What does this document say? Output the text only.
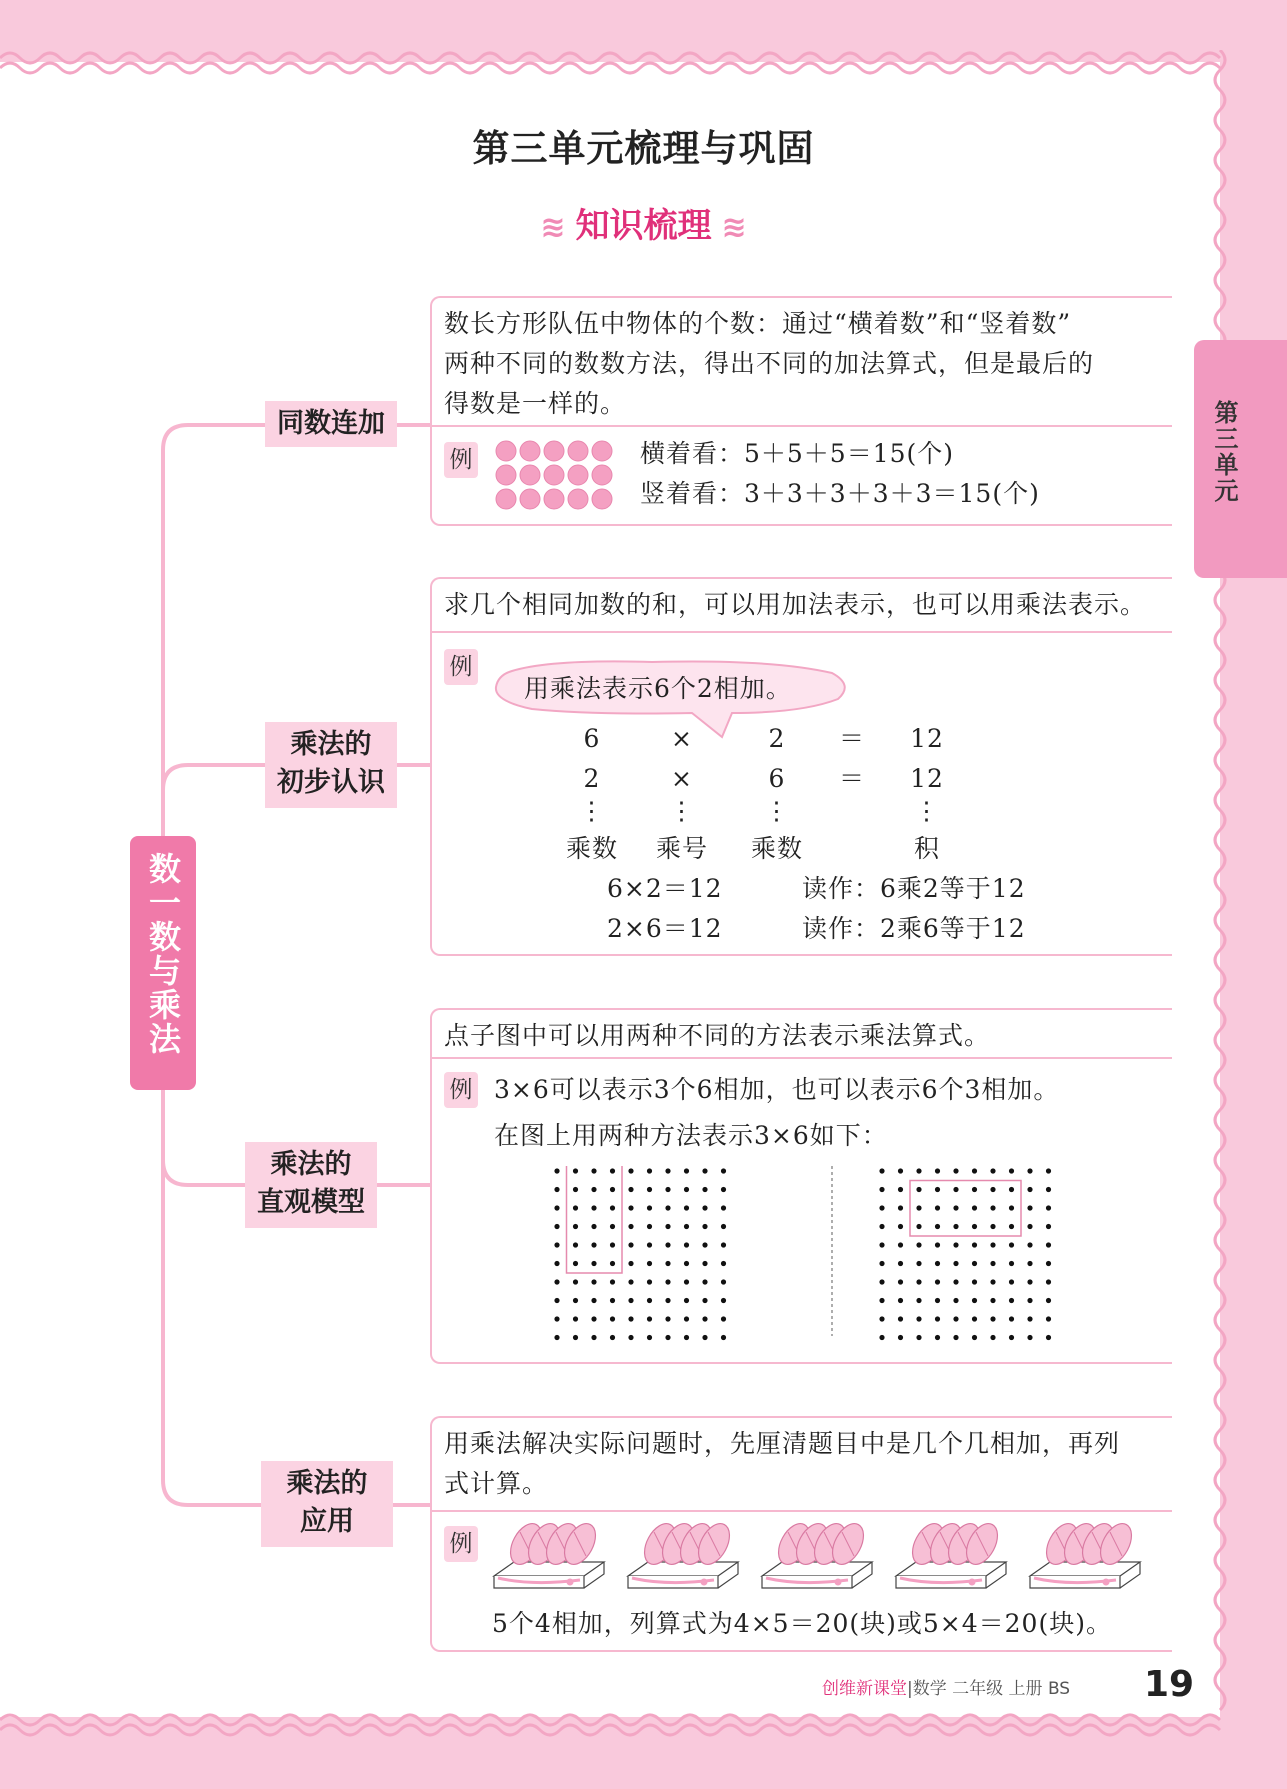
第三单元梳理与巩固
≋ 知识梳理 ≋
第三单元
数一数与乘法
同数连加
乘法的
初步认识
乘法的
直观模型
乘法的
应用
数长方形队伍中物体的个数：通过“横着数”和“竖着数”
两种不同的数数方法，得出不同的加法算式，但是最后的
得数是一样的。
例	横着看：5＋5＋5＝15(个)
竖着看：3＋3＋3＋3＋3＝15(个)
求几个相同加数的和，可以用加法表示，也可以用乘法表示。
例
用乘法表示6个2相加。
6	×	2 ＝	12
2	×	6 ＝	12
⋮	⋮	⋮	⋮
乘数	乘号	乘数	积
6×2＝12	读作：6乘2等于12
2×6＝12	读作：2乘6等于12
点子图中可以用两种不同的方法表示乘法算式。
例 3×6可以表示3个6相加，也可以表示6个3相加。
在图上用两种方法表示3×6如下：
用乘法解决实际问题时，先厘清题目中是几个几相加，再列
式计算。
例
5个4相加，列算式为4×5＝20(块)或5×4＝20(块)。
创维新课堂|数学 二年级 上册 BS 19
